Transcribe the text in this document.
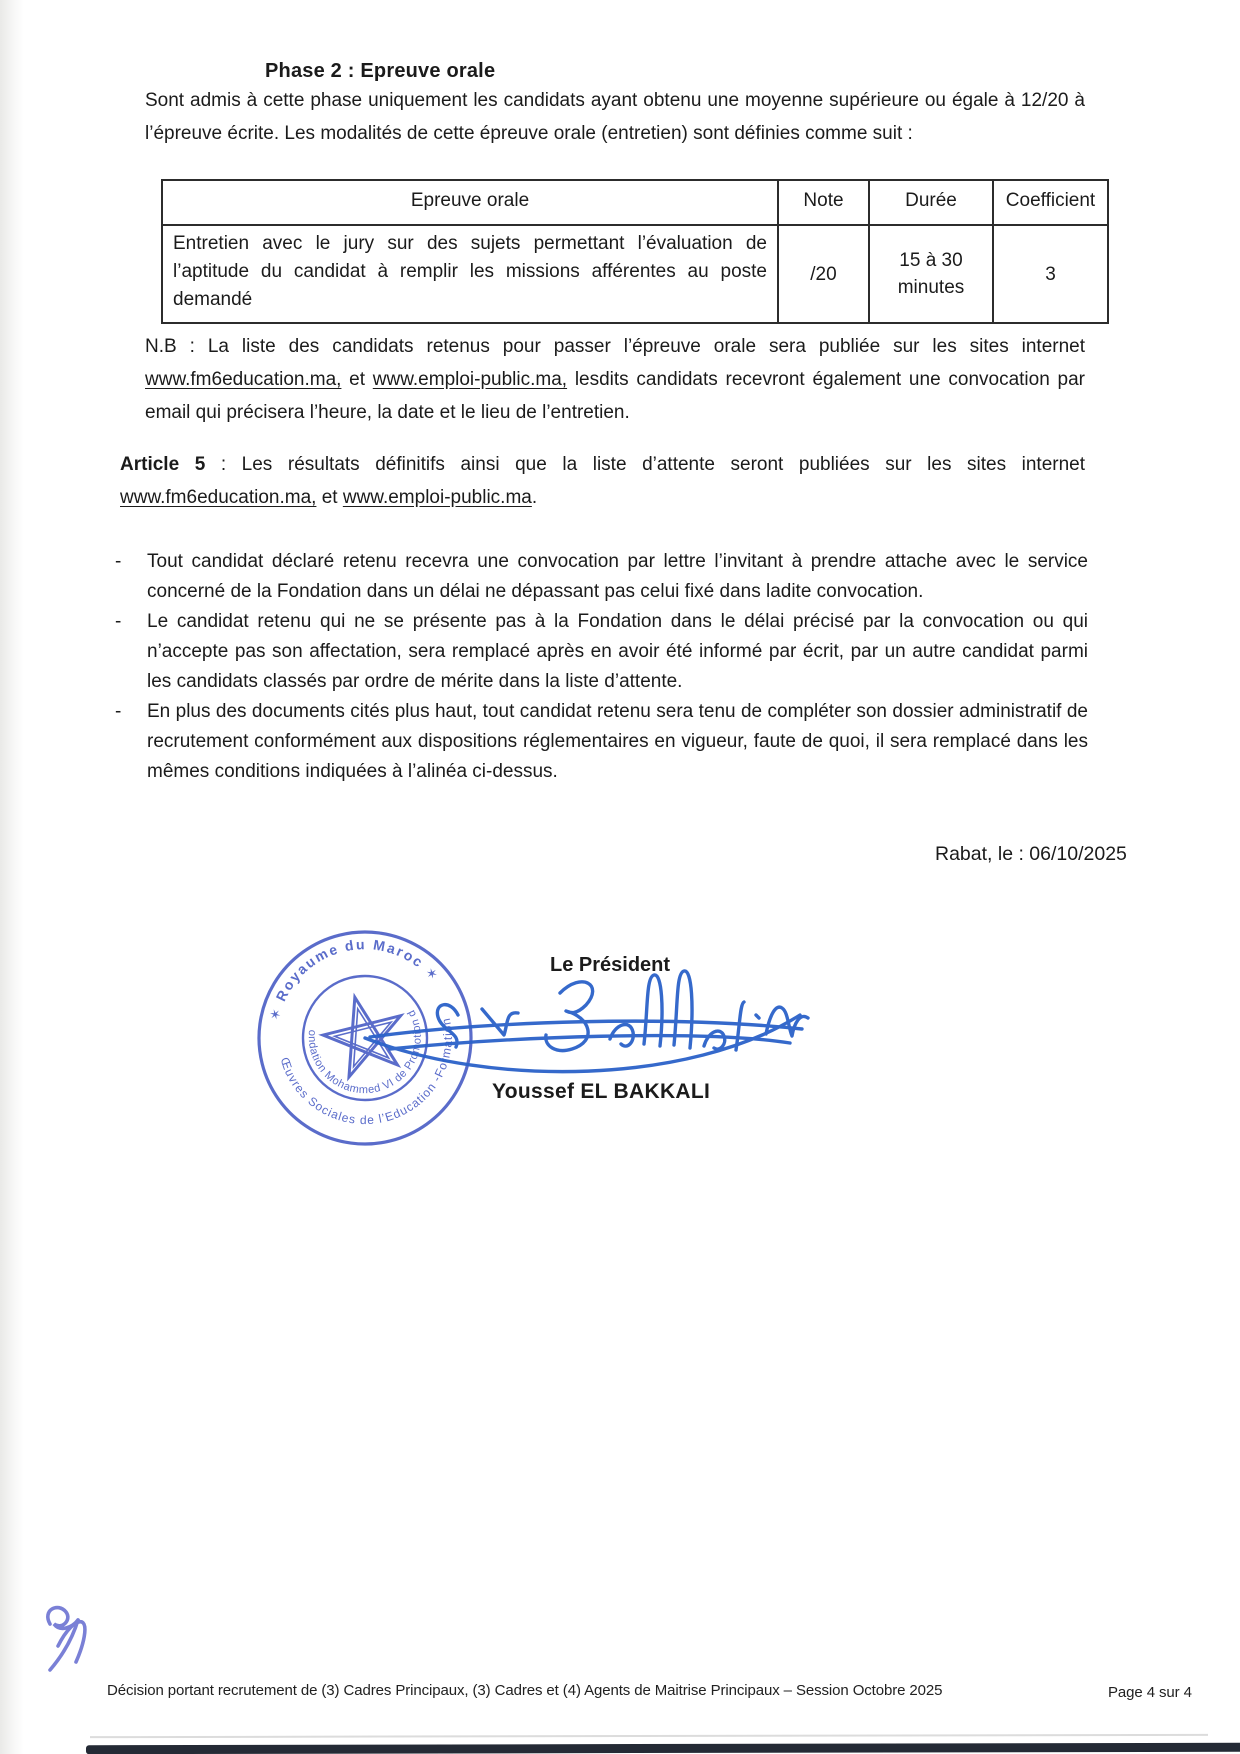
Phase 2 : Epreuve orale

Sont admis à cette phase uniquement les candidats ayant obtenu une moyenne supérieure ou égale à 12/20 à l’épreuve écrite. Les modalités de cette épreuve orale (entretien) sont définies comme suit :

Epreuve orale	Note	Durée	Coefficient
Entretien avec le jury sur des sujets permettant l’évaluation de l’aptitude du candidat à remplir les missions afférentes au poste demandé	/20	15 à 30 minutes	3

N.B : La liste des candidats retenus pour passer l’épreuve orale sera publiée sur les sites internet www.fm6education.ma, et www.emploi-public.ma, lesdits candidats recevront également une convocation par email qui précisera l’heure, la date et le lieu de l’entretien.

Article 5 : Les résultats définitifs ainsi que la liste d’attente seront publiées sur les sites internet www.fm6education.ma, et www.emploi-public.ma.

- Tout candidat déclaré retenu recevra une convocation par lettre l’invitant à prendre attache avec le service concerné de la Fondation dans un délai ne dépassant pas celui fixé dans ladite convocation.
- Le candidat retenu qui ne se présente pas à la Fondation dans le délai précisé par la convocation ou qui n’accepte pas son affectation, sera remplacé après en avoir été informé par écrit, par un autre candidat parmi les candidats classés par ordre de mérite dans la liste d’attente.
- En plus des documents cités plus haut, tout candidat retenu sera tenu de compléter son dossier administratif de recrutement conformément aux dispositions réglementaires en vigueur, faute de quoi, il sera remplacé dans les mêmes conditions indiquées à l’alinéa ci-dessus.
Rabat, le : 06/10/2025
✶ Royaume du Maroc ✶
Œuvres Sociales de l’Education -Formation
Fondation Mohammed VI de Promotion des
Le Président
Youssef EL BAKKALI
Décision portant recrutement de (3) Cadres Principaux, (3) Cadres et (4) Agents de Maitrise Principaux – Session Octobre 2025	Page 4 sur 4
